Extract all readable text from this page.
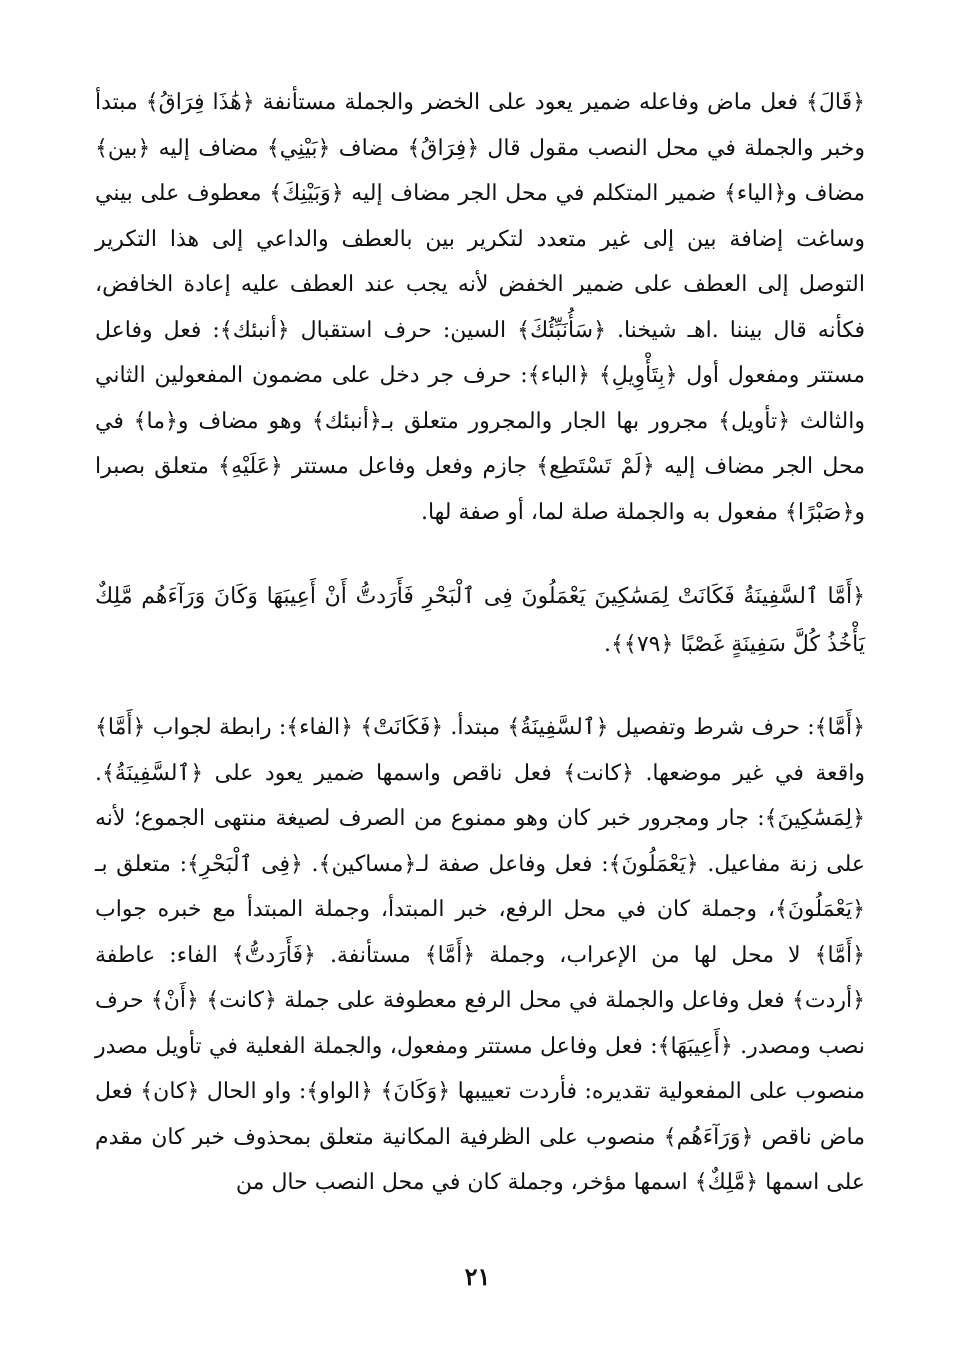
﴿قَالَ﴾ فعل ماض وفاعله ضمير يعود على الخضر والجملة مستأنفة ﴿هَٰذَا فِرَاقُ﴾ مبتدأ وخبر والجملة في محل النصب مقول قال ﴿فِرَاقُ﴾ مضاف ﴿بَيْنِي﴾ مضاف إليه ﴿بين﴾ مضاف و﴿الياء﴾ ضمير المتكلم في محل الجر مضاف إليه ﴿وَبَيْنِكَ﴾ معطوف على بيني وساغت إضافة بين إلى غير متعدد لتكرير بين بالعطف والداعي إلى هذا التكرير التوصل إلى العطف على ضمير الخفض لأنه يجب عند العطف عليه إعادة الخافض، فكأنه قال بيننا .اهـ شيخنا. ﴿سَأُنَبِّئُكَ﴾ السين: حرف استقبال ﴿أنبئك﴾: فعل وفاعل مستتر ومفعول أول ﴿بِتَأْوِيلِ﴾ ﴿الباء﴾: حرف جر دخل على مضمون المفعولين الثاني والثالث ﴿تأويل﴾ مجرور بها الجار والمجرور متعلق بـ﴿أنبئك﴾ وهو مضاف و﴿ما﴾ في محل الجر مضاف إليه ﴿لَمْ تَسْتَطِع﴾ جازم وفعل وفاعل مستتر ﴿عَلَيْهِ﴾ متعلق بصبرا و﴿صَبْرًا﴾ مفعول به والجملة صلة لما، أو صفة لها.

﴿أَمَّا ٱلسَّفِينَةُ فَكَانَتْ لِمَسَٰكِينَ يَعْمَلُونَ فِى ٱلْبَحْرِ فَأَرَدتُّ أَنْ أَعِيبَهَا وَكَانَ وَرَآءَهُم مَّلِكٌ يَأْخُذُ كُلَّ سَفِينَةٍ غَصْبًا ﴿٧٩﴾﴾.

﴿أَمَّا﴾: حرف شرط وتفصيل ﴿ٱلسَّفِينَةُ﴾ مبتدأ. ﴿فَكَانَتْ﴾ ﴿الفاء﴾: رابطة لجواب ﴿أَمَّا﴾ واقعة في غير موضعها. ﴿كانت﴾ فعل ناقص واسمها ضمير يعود على ﴿ٱلسَّفِينَةُ﴾. ﴿لِمَسَٰكِينَ﴾: جار ومجرور خبر كان وهو ممنوع من الصرف لصيغة منتهى الجموع؛ لأنه على زنة مفاعيل. ﴿يَعْمَلُونَ﴾: فعل وفاعل صفة لـ﴿مساكين﴾. ﴿فِى ٱلْبَحْرِ﴾: متعلق بـ ﴿يَعْمَلُونَ﴾، وجملة كان في محل الرفع، خبر المبتدأ، وجملة المبتدأ مع خبره جواب ﴿أَمَّا﴾ لا محل لها من الإعراب، وجملة ﴿أَمَّا﴾ مستأنفة. ﴿فَأَرَدتُّ﴾ الفاء: عاطفة ﴿أردت﴾ فعل وفاعل والجملة في محل الرفع معطوفة على جملة ﴿كانت﴾ ﴿أَنْ﴾ حرف نصب ومصدر. ﴿أَعِيبَهَا﴾: فعل وفاعل مستتر ومفعول، والجملة الفعلية في تأويل مصدر منصوب على المفعولية تقديره: فأردت تعييبها ﴿وَكَانَ﴾ ﴿الواو﴾: واو الحال ﴿كان﴾ فعل ماض ناقص ﴿وَرَآءَهُم﴾ منصوب على الظرفية المكانية متعلق بمحذوف خبر كان مقدم على اسمها ﴿مَّلِكٌ﴾ اسمها مؤخر، وجملة كان في محل النصب حال من

٢١
